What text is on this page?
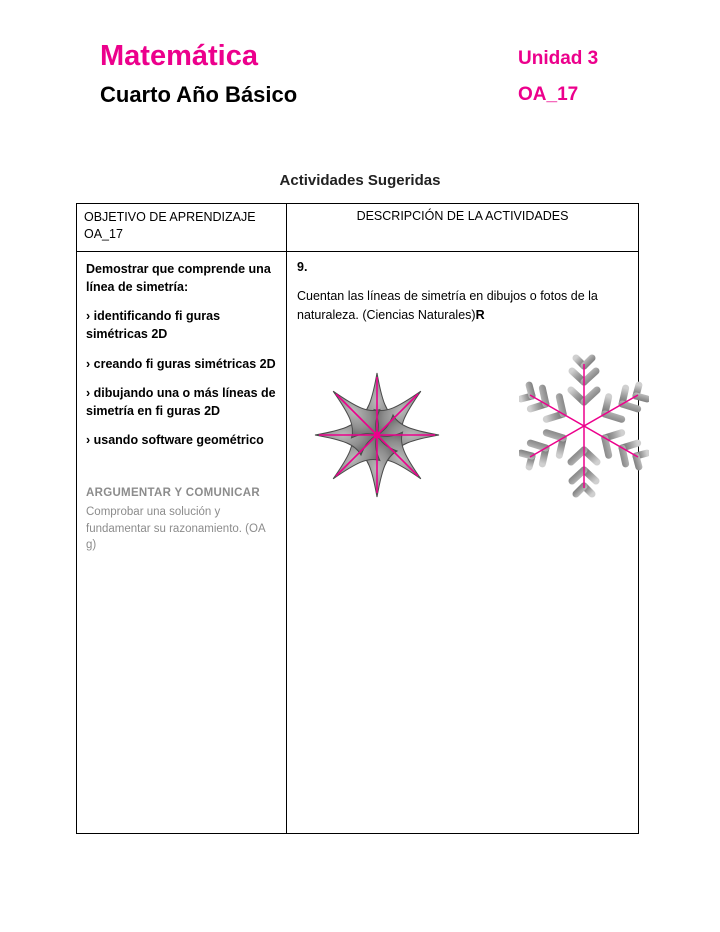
Matemática
Cuarto Año Básico
Unidad 3
OA_17
Actividades Sugeridas
OBJETIVO DE APRENDIZAJE OA_17
DESCRIPCIÓN DE LA ACTIVIDADES
Demostrar que comprende una línea de simetría:
› identificando fi guras simétricas 2D
› creando fi guras simétricas 2D
› dibujando una o más líneas de simetría en fi guras 2D
› usando software geométrico
ARGUMENTAR Y COMUNICAR
Comprobar una solución y fundamentar su razonamiento. (OA g)
9.
Cuentan las líneas de simetría en dibujos o fotos de la naturaleza. (Ciencias Naturales)R
